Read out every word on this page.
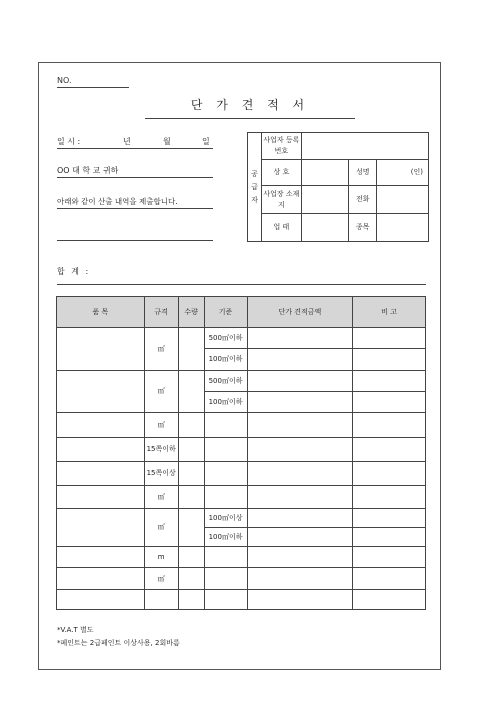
NO.
단 가 견 적 서
일 시 :	년	월	일
OO 대 학 교 귀하
아래와 같이 산출 내역을 제출합니다.
공 급 자	사업자 등록번호			
	상 호		성명	(인)
	사업장 소재지		전화	
	업 태		종목	
합 계 :
품 목	규격	수량	기준	단가 견적금액	비 고
	㎡		500㎡이하		
			100㎡이하		
	㎡		500㎡이하		
			100㎡이하		
	㎡				
	15쪽이하				
	15쪽이상				
	㎡				
	㎡		100㎡이상		
			100㎡이하		
	m				
	㎡				

*V.A.T 별도
*페인트는 2급페인트 이상사용, 2회바름
